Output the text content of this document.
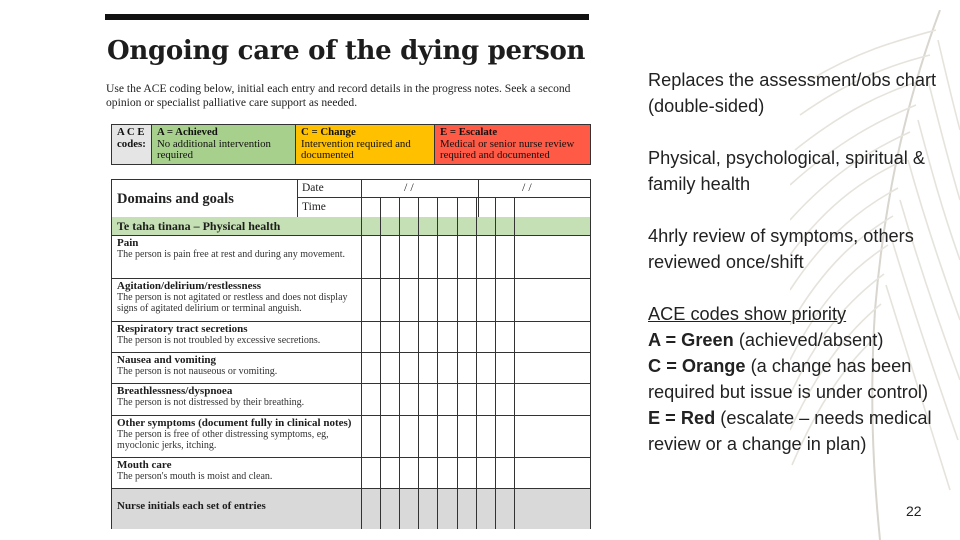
Ongoing care of the dying person
Use the ACE coding below, initial each entry and record details in the progress notes. Seek a second opinion or specialist palliative care support as needed.
A C E codes:
A = Achieved
No additional intervention required
C = Change
Intervention required and documented
E = Escalate
Medical or senior nurse review required and documented
Domains and goals
Date
Time
/ /	/ /
Te taha tinana – Physical health
Pain
The person is pain free at rest and during any movement.
Agitation/delirium/restlessness
The person is not agitated or restless and does not display signs of agitated delirium or terminal anguish.
Respiratory tract secretions
The person is not troubled by excessive secretions.
Nausea and vomiting
The person is not nauseous or vomiting.
Breathlessness/dyspnoea
The person is not distressed by their breathing.
Other symptoms (document fully in clinical notes)
The person is free of other distressing symptoms, eg, myoclonic jerks, itching.
Mouth care
The person's mouth is moist and clean.
Nurse initials each set of entries

Replaces the assessment/obs chart (double-sided)

Physical, psychological, spiritual & family health

4hrly review of symptoms, others reviewed once/shift

ACE codes show priority
A = Green (achieved/absent)
C = Orange (a change has been required but issue is under control)
E = Red (escalate – needs medical review or a change in plan)
22
